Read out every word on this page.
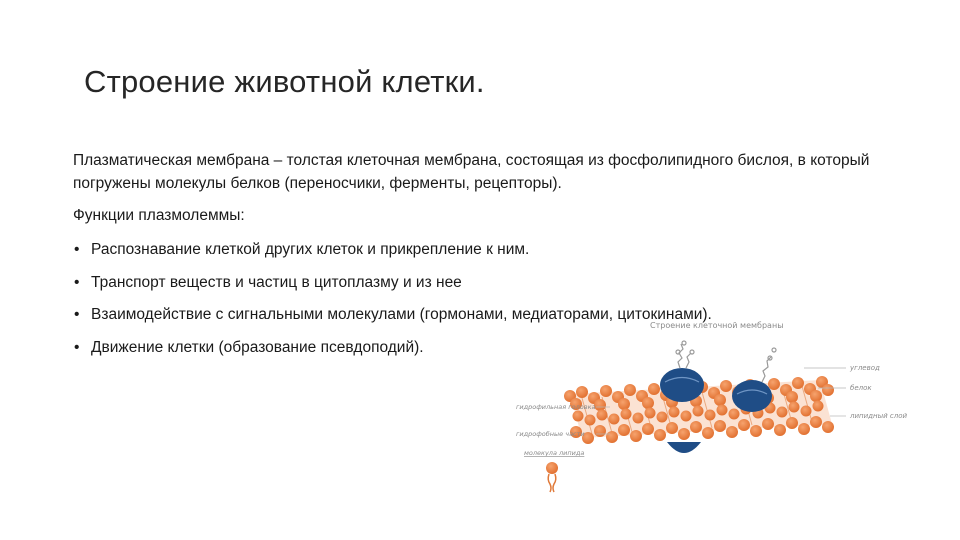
Строение животной клетки.

Плазматическая мембрана – толстая клеточная мембрана, состоящая из фосфолипидного бислоя, в который погружены молекулы белков (переносчики, ферменты, рецепторы).

Функции плазмолеммы:

• Распознавание клеткой других клеток и прикрепление к ним.
• Транспорт веществ и частиц в цитоплазму и из нее
• Взаимодействие с сигнальными молекулами (гормонами, медиаторами, цитокинами).
• Движение клетки (образование псевдоподий).
Строение клеточной мембраны
углевод
белок
липидный слой
гидрофильная головка
гидрофобные части
молекула липида
